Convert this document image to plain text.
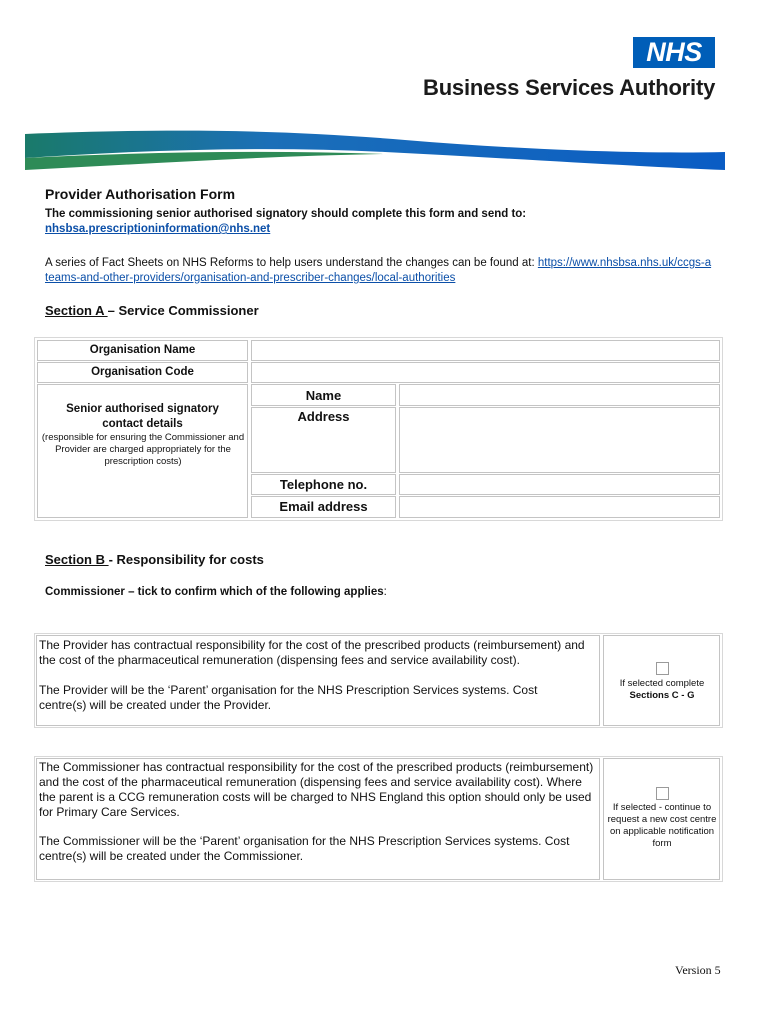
NHS
Business Services Authority
Provider Authorisation Form
The commissioning senior authorised signatory should complete this form and send to:
nhsbsa.prescriptioninformation@nhs.net
A series of Fact Sheets on NHS Reforms to help users understand the changes can be found at: https://www.nhsbsa.nhs.uk/ccgs-a
teams-and-other-providers/organisation-and-prescriber-changes/local-authorities
Section A – Service Commissioner
Organisation Name
Organisation Code
Senior authorised signatory
contact details
(responsible for ensuring the Commissioner and Provider are charged appropriately for the prescription costs)
Name
Address
Telephone no.
Email address
Section B - Responsibility for costs
Commissioner – tick to confirm which of the following applies:
The Provider has contractual responsibility for the cost of the prescribed products (reimbursement) and the cost of the pharmaceutical remuneration (dispensing fees and service availability cost).
The Provider will be the ‘Parent’ organisation for the NHS Prescription Services systems. Cost centre(s) will be created under the Provider.
If selected complete
Sections C - G
The Commissioner has contractual responsibility for the cost of the prescribed products (reimbursement) and the cost of the pharmaceutical remuneration (dispensing fees and service availability cost). Where the parent is a CCG remuneration costs will be charged to NHS England this option should only be used for Primary Care Services.
The Commissioner will be the ‘Parent’ organisation for the NHS Prescription Services systems. Cost centre(s) will be created under the Commissioner.
If selected - continue to request a new cost centre on applicable notification form
Version 5
